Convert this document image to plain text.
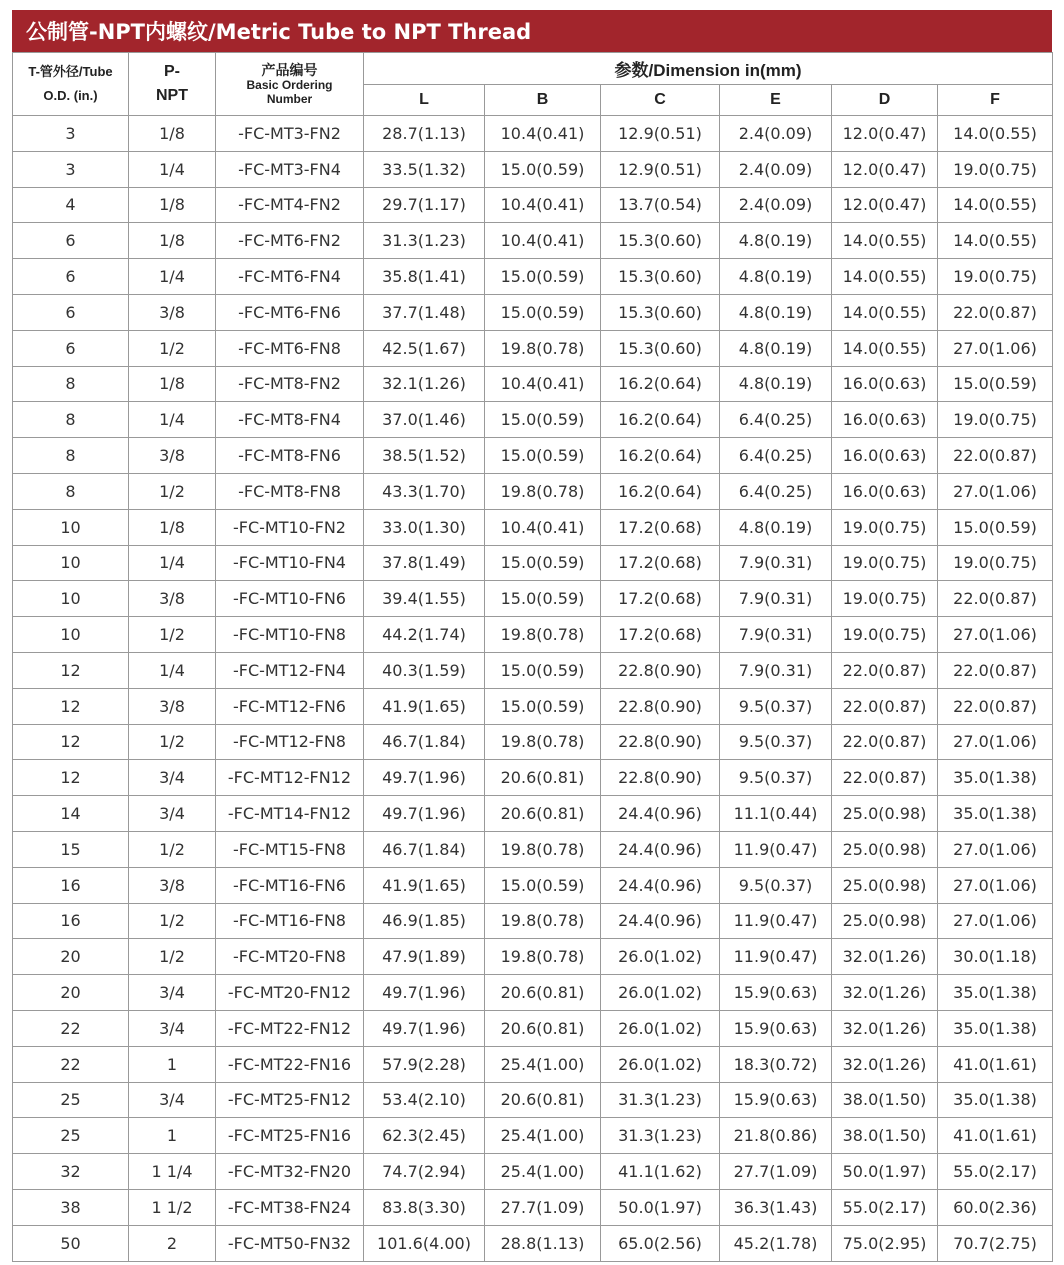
公制管-NPT内螺纹/Metric Tube to NPT Thread
T-管外径/Tube
O.D. (in.)	P-
NPT	产品编号
Basic Ordering
Number	参数/Dimension in(mm)					
			L	B	C	E	D	F
3	1/8	-FC-MT3-FN2	28.7(1.13)	10.4(0.41)	12.9(0.51)	2.4(0.09)	12.0(0.47)	14.0(0.55)
3	1/4	-FC-MT3-FN4	33.5(1.32)	15.0(0.59)	12.9(0.51)	2.4(0.09)	12.0(0.47)	19.0(0.75)
4	1/8	-FC-MT4-FN2	29.7(1.17)	10.4(0.41)	13.7(0.54)	2.4(0.09)	12.0(0.47)	14.0(0.55)
6	1/8	-FC-MT6-FN2	31.3(1.23)	10.4(0.41)	15.3(0.60)	4.8(0.19)	14.0(0.55)	14.0(0.55)
6	1/4	-FC-MT6-FN4	35.8(1.41)	15.0(0.59)	15.3(0.60)	4.8(0.19)	14.0(0.55)	19.0(0.75)
6	3/8	-FC-MT6-FN6	37.7(1.48)	15.0(0.59)	15.3(0.60)	4.8(0.19)	14.0(0.55)	22.0(0.87)
6	1/2	-FC-MT6-FN8	42.5(1.67)	19.8(0.78)	15.3(0.60)	4.8(0.19)	14.0(0.55)	27.0(1.06)
8	1/8	-FC-MT8-FN2	32.1(1.26)	10.4(0.41)	16.2(0.64)	4.8(0.19)	16.0(0.63)	15.0(0.59)
8	1/4	-FC-MT8-FN4	37.0(1.46)	15.0(0.59)	16.2(0.64)	6.4(0.25)	16.0(0.63)	19.0(0.75)
8	3/8	-FC-MT8-FN6	38.5(1.52)	15.0(0.59)	16.2(0.64)	6.4(0.25)	16.0(0.63)	22.0(0.87)
8	1/2	-FC-MT8-FN8	43.3(1.70)	19.8(0.78)	16.2(0.64)	6.4(0.25)	16.0(0.63)	27.0(1.06)
10	1/8	-FC-MT10-FN2	33.0(1.30)	10.4(0.41)	17.2(0.68)	4.8(0.19)	19.0(0.75)	15.0(0.59)
10	1/4	-FC-MT10-FN4	37.8(1.49)	15.0(0.59)	17.2(0.68)	7.9(0.31)	19.0(0.75)	19.0(0.75)
10	3/8	-FC-MT10-FN6	39.4(1.55)	15.0(0.59)	17.2(0.68)	7.9(0.31)	19.0(0.75)	22.0(0.87)
10	1/2	-FC-MT10-FN8	44.2(1.74)	19.8(0.78)	17.2(0.68)	7.9(0.31)	19.0(0.75)	27.0(1.06)
12	1/4	-FC-MT12-FN4	40.3(1.59)	15.0(0.59)	22.8(0.90)	7.9(0.31)	22.0(0.87)	22.0(0.87)
12	3/8	-FC-MT12-FN6	41.9(1.65)	15.0(0.59)	22.8(0.90)	9.5(0.37)	22.0(0.87)	22.0(0.87)
12	1/2	-FC-MT12-FN8	46.7(1.84)	19.8(0.78)	22.8(0.90)	9.5(0.37)	22.0(0.87)	27.0(1.06)
12	3/4	-FC-MT12-FN12	49.7(1.96)	20.6(0.81)	22.8(0.90)	9.5(0.37)	22.0(0.87)	35.0(1.38)
14	3/4	-FC-MT14-FN12	49.7(1.96)	20.6(0.81)	24.4(0.96)	11.1(0.44)	25.0(0.98)	35.0(1.38)
15	1/2	-FC-MT15-FN8	46.7(1.84)	19.8(0.78)	24.4(0.96)	11.9(0.47)	25.0(0.98)	27.0(1.06)
16	3/8	-FC-MT16-FN6	41.9(1.65)	15.0(0.59)	24.4(0.96)	9.5(0.37)	25.0(0.98)	27.0(1.06)
16	1/2	-FC-MT16-FN8	46.9(1.85)	19.8(0.78)	24.4(0.96)	11.9(0.47)	25.0(0.98)	27.0(1.06)
20	1/2	-FC-MT20-FN8	47.9(1.89)	19.8(0.78)	26.0(1.02)	11.9(0.47)	32.0(1.26)	30.0(1.18)
20	3/4	-FC-MT20-FN12	49.7(1.96)	20.6(0.81)	26.0(1.02)	15.9(0.63)	32.0(1.26)	35.0(1.38)
22	3/4	-FC-MT22-FN12	49.7(1.96)	20.6(0.81)	26.0(1.02)	15.9(0.63)	32.0(1.26)	35.0(1.38)
22	1	-FC-MT22-FN16	57.9(2.28)	25.4(1.00)	26.0(1.02)	18.3(0.72)	32.0(1.26)	41.0(1.61)
25	3/4	-FC-MT25-FN12	53.4(2.10)	20.6(0.81)	31.3(1.23)	15.9(0.63)	38.0(1.50)	35.0(1.38)
25	1	-FC-MT25-FN16	62.3(2.45)	25.4(1.00)	31.3(1.23)	21.8(0.86)	38.0(1.50)	41.0(1.61)
32	1 1/4	-FC-MT32-FN20	74.7(2.94)	25.4(1.00)	41.1(1.62)	27.7(1.09)	50.0(1.97)	55.0(2.17)
38	1 1/2	-FC-MT38-FN24	83.8(3.30)	27.7(1.09)	50.0(1.97)	36.3(1.43)	55.0(2.17)	60.0(2.36)
50	2	-FC-MT50-FN32	101.6(4.00)	28.8(1.13)	65.0(2.56)	45.2(1.78)	75.0(2.95)	70.7(2.75)
